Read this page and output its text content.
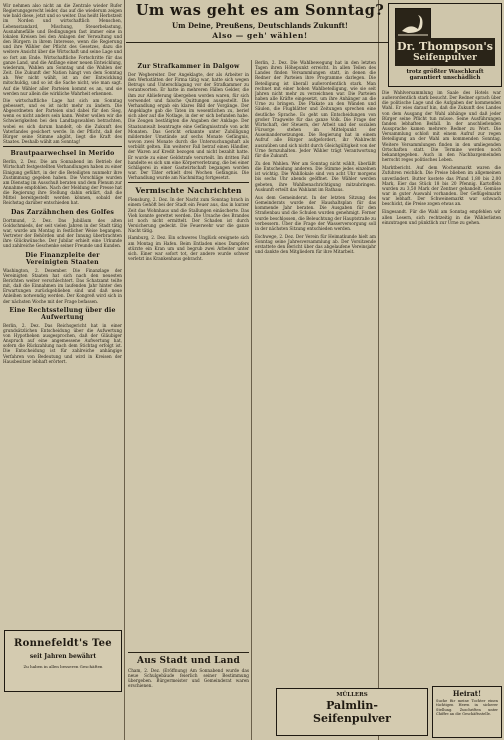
Um was geht es am Sonntag?
Um Deine, Preußens, Deutschlands Zukunft!
Also — geh' wählen!

Wir nehmen also nicht an die Zentrale wieder Rufer Regierungsgerecht leider, das auf die wiederum zeigen wie bald diese, jetzt und so weiter. Das heißt Herbstzeit im Norden und wirtschaftlich Menschen, Lebensstandard, Mischung, Steuerbelastung, Ausnahmefälle und Bedingungen fast immer eine in lokalen Kreisen bei den Anlagen der Verwaltung und den Bürgern in ihrem Interesse, wenn die Regierung und ihre Wähler der Pflicht des Gesetzes, dazu die weitere Ansicht über die Wirtschaft und seine Lage und so fort am Ende. Wirtschaftliche Fortschritte für das ganze Land, und die Anfänge einer neuen Entwicklung, wiederum, Wahlen am Sonntag und die Wahlen der Zeit. Die Zukunft der Nation hängt von dem Sonntag ab. Wer nicht wählt, ist an der Entwicklung mitschuldig, und so ist die Sache nicht, wie man sagt. Auf die Wähler aller Parteien kommt es an, und sie werden nur allein die wirkliche Wahrheit erkennen.

Die wirtschaftliche Lage hat sich am Sonntag gebessert, und es ist nicht mehr zu ändern. Die Abgeordneten der Parteien sind dabei für den Sieg, wenn es nicht anders sein kann. Weiter wollen wir die Schwierigkeiten bei den Landtagswahlen betrachten, wobei es sich darum handelt, ob die Zukunft des Vaterlandes gesichert werde. In der Pflicht, daß der Bürger seine Stimme abgibt, liegt die Kraft des Staates. Deshalb wählt am Sonntag!

Brautpaarwechsel in Merido

Berlin, 2. Dez. Die am Sonnabend im Betrieb der Wirtschaft festgestellten Verhandlungen haben zu einer Einigung geführt, in der die Beteiligten nunmehr ihre Zustimmung gegeben haben. Die Vorschläge wurden am Dienstag im Ausschuß beraten und dem Plenum zur Annahme empfohlen. Nach der Meldung der Presse hat die Regierung ihre Stellung dahin erklärt, daß die Mittel bereitgestellt werden können, sobald der Reichstag darüber entschieden hat.

Das Zarzähnchen des Golfes

Dortmund, 2. Dez. Das Jubiläum des alten Goldschmieds, der seit vielen Jahren in der Stadt tätig war, wurde am Montag in festlicher Weise begangen. Vertreter der Behörden und der Innung überbrachten ihre Glückwünsche. Der Jubilar erhielt eine Urkunde und zahlreiche Geschenke seiner Freunde und Kunden.

Die Finanzpleite der Vereinigten Staaten

Washington, 2. Dezember. Die Finanzlage der Vereinigten Staaten hat sich nach den neuesten Berichten weiter verschlechtert. Das Schatzamt teilte mit, daß die Einnahmen im laufenden Jahr hinter den Erwartungen zurückgeblieben sind und daß neue Anleihen notwendig werden. Der Kongreß wird sich in der nächsten Woche mit der Frage befassen.

Eine Rechtsstellung über die Aufwertung

Berlin, 2. Dez. Das Reichsgericht hat in einer grundsätzlichen Entscheidung über die Aufwertung von Hypotheken ausgesprochen, daß der Gläubiger Anspruch auf eine angemessene Aufwertung hat, sofern die Rückzahlung nach dem Stichtag erfolgt ist. Die Entscheidung ist für zahlreiche anhängige Verfahren von Bedeutung und wird in Kreisen der Hausbesitzer lebhaft erörtert.

Ronnefeldt's Tee
seit Jahren bewährt
Zu haben in allen besseren Geschäften
Zur Strafkammer in Dalgow

Der Wegbereiter. Der Angeklagte, der als Arbeiter in den Werkstätten der Firma tätig war, hatte sich wegen Betrugs und Unterschlagung vor der Strafkammer zu verantworten. Er hatte in mehreren Fällen Gelder, die ihm zur Ablieferung übergeben worden waren, für sich verwendet und falsche Quittungen ausgestellt. Die Verhandlung ergab ein klares Bild der Vorgänge. Der Angeklagte gab die Taten im wesentlichen zu, berief sich aber auf die Notlage, in der er sich befunden habe. Die Zeugen bestätigten die Angaben der Anklage. Der Staatsanwalt beantragte eine Gefängnisstrafe von acht Monaten. Das Gericht erkannte unter Zubilligung mildernder Umstände auf sechs Monate Gefängnis, wovon zwei Monate durch die Untersuchungshaft als verbüßt gelten. Ein weiterer Fall betraf einen Händler, der Waren auf Kredit bezogen und nicht bezahlt hatte. Er wurde zu einer Geldstrafe verurteilt. Im dritten Fall handelte es sich um eine Körperverletzung, die bei einer Schlägerei in einer Gastwirtschaft begangen worden war. Der Täter erhielt drei Wochen Gefängnis. Die Verhandlung wurde am Nachmittag fortgesetzt.

Vermischte Nachrichten

Flensburg, 2. Dez. In der Nacht zum Sonntag brach in einem Gehöft bei der Stadt ein Feuer aus, das in kurzer Zeit das Wohnhaus und die Stallungen einäscherte. Das Vieh konnte gerettet werden. Die Ursache des Brandes ist noch nicht ermittelt. Der Schaden ist durch Versicherung gedeckt. Die Feuerwehr war die ganze Nacht tätig.

Hamburg, 2. Dez. Ein schweres Unglück ereignete sich am Montag im Hafen. Beim Entladen eines Dampfers stürzte ein Kran um und begrub zwei Arbeiter unter sich. Einer war sofort tot, der andere wurde schwer verletzt ins Krankenhaus gebracht.

Aus Stadt und Land

Cham, 2. Dez. (Eröffnung) Am Sonnabend wurde das neue Schulgebäude feierlich seiner Bestimmung übergeben. Bürgermeister und Gemeinderat waren erschienen.

Berlin, 2. Dez. Die Wahlbewegung hat in den letzten Tagen ihren Höhepunkt erreicht. In allen Teilen des Landes finden Versammlungen statt, in denen die Redner der Parteien ihre Programme darlegen. Die Beteiligung ist überall außerordentlich stark. Man rechnet mit einer hohen Wahlbeteiligung, wie sie seit Jahren nicht mehr zu verzeichnen war. Die Parteien haben alle Kräfte eingesetzt, um ihre Anhänger an die Urne zu bringen. Die Plakate an den Wänden und Säulen, die Flugblätter und Zeitungen sprechen eine deutliche Sprache. Es geht um Entscheidungen von großer Tragweite für das ganze Volk. Die Frage der Wirtschaft, der Steuern, der Arbeit und der sozialen Fürsorge stehen im Mittelpunkt der Auseinandersetzungen. Die Regierung hat in einem Aufruf alle Bürger aufgefordert, ihr Wahlrecht auszuüben und sich nicht durch Gleichgültigkeit von der Urne fernzuhalten. Jeder Wähler trägt Verantwortung für die Zukunft.

Zu den Wahlen. Wer am Sonntag nicht wählt, überläßt die Entscheidung anderen. Die Stimme jedes einzelnen ist wichtig. Die Wahllokale sind von acht Uhr morgens bis sechs Uhr abends geöffnet. Die Wähler werden gebeten, ihre Wahlbenachrichtigung mitzubringen. Auskunft erteilt das Wahlamt im Rathaus.

Aus dem Gemeinderat. In der letzten Sitzung des Gemeinderats wurde der Haushaltsplan für das kommende Jahr beraten. Die Ausgaben für den Straßenbau und die Schulen wurden genehmigt. Ferner wurde beschlossen, die Beleuchtung der Hauptstraße zu verbessern. Über die Frage der Wasserversorgung soll in der nächsten Sitzung entschieden werden.

Eschwege, 2. Dez. Der Verein für Heimatkunde hielt am Sonntag seine Jahresversammlung ab. Der Vorsitzende erstattete den Bericht über das abgelaufene Vereinsjahr und dankte den Mitgliedern für ihre Mitarbeit.

MÜLLERS
Palmlin-
Seifenpulver
Dr. Thompson's
Seifenpulver
trotz größter Waschkraft
garantiert unschädlich

Die Wahlversammlung im Saale des Hotels war außerordentlich stark besucht. Der Redner sprach über die politische Lage und die Aufgaben der kommenden Wahl. Er wies darauf hin, daß die Zukunft des Landes von dem Ausgang der Wahl abhänge und daß jeder Bürger seine Pflicht tun müsse. Seine Ausführungen fanden lebhaften Beifall. In der anschließenden Aussprache kamen mehrere Redner zu Wort. Die Versammlung schloß mit einem Aufruf zur regen Beteiligung an der Wahl am kommenden Sonntag. Weitere Versammlungen finden in den umliegenden Ortschaften statt. Die Termine werden noch bekanntgegeben. Auch in den Nachbargemeinden herrscht reges politisches Leben.

Marktbericht. Auf dem Wochenmarkt waren die Zufuhren reichlich. Die Preise blieben im allgemeinen unverändert. Butter kostete das Pfund 1,80 bis 2,00 Mark, Eier das Stück 18 bis 20 Pfennig. Kartoffeln wurden zu 3,50 Mark der Zentner gehandelt. Gemüse war in guter Auswahl vorhanden. Der Geflügelmarkt war lebhaft. Der Schweinemarkt war schwach beschickt, die Preise zogen etwas an.

Eingesandt. Für die Wahl am Sonntag empfehlen wir allen Lesern, sich rechtzeitig in die Wählerlisten einzutragen und pünktlich zur Urne zu gehen.

Heirat!

Suche für meine Tochter einen tüchtigen Herrn in sicherer Stellung. Zuschriften unter Chiffre an die Geschäftsstelle.
